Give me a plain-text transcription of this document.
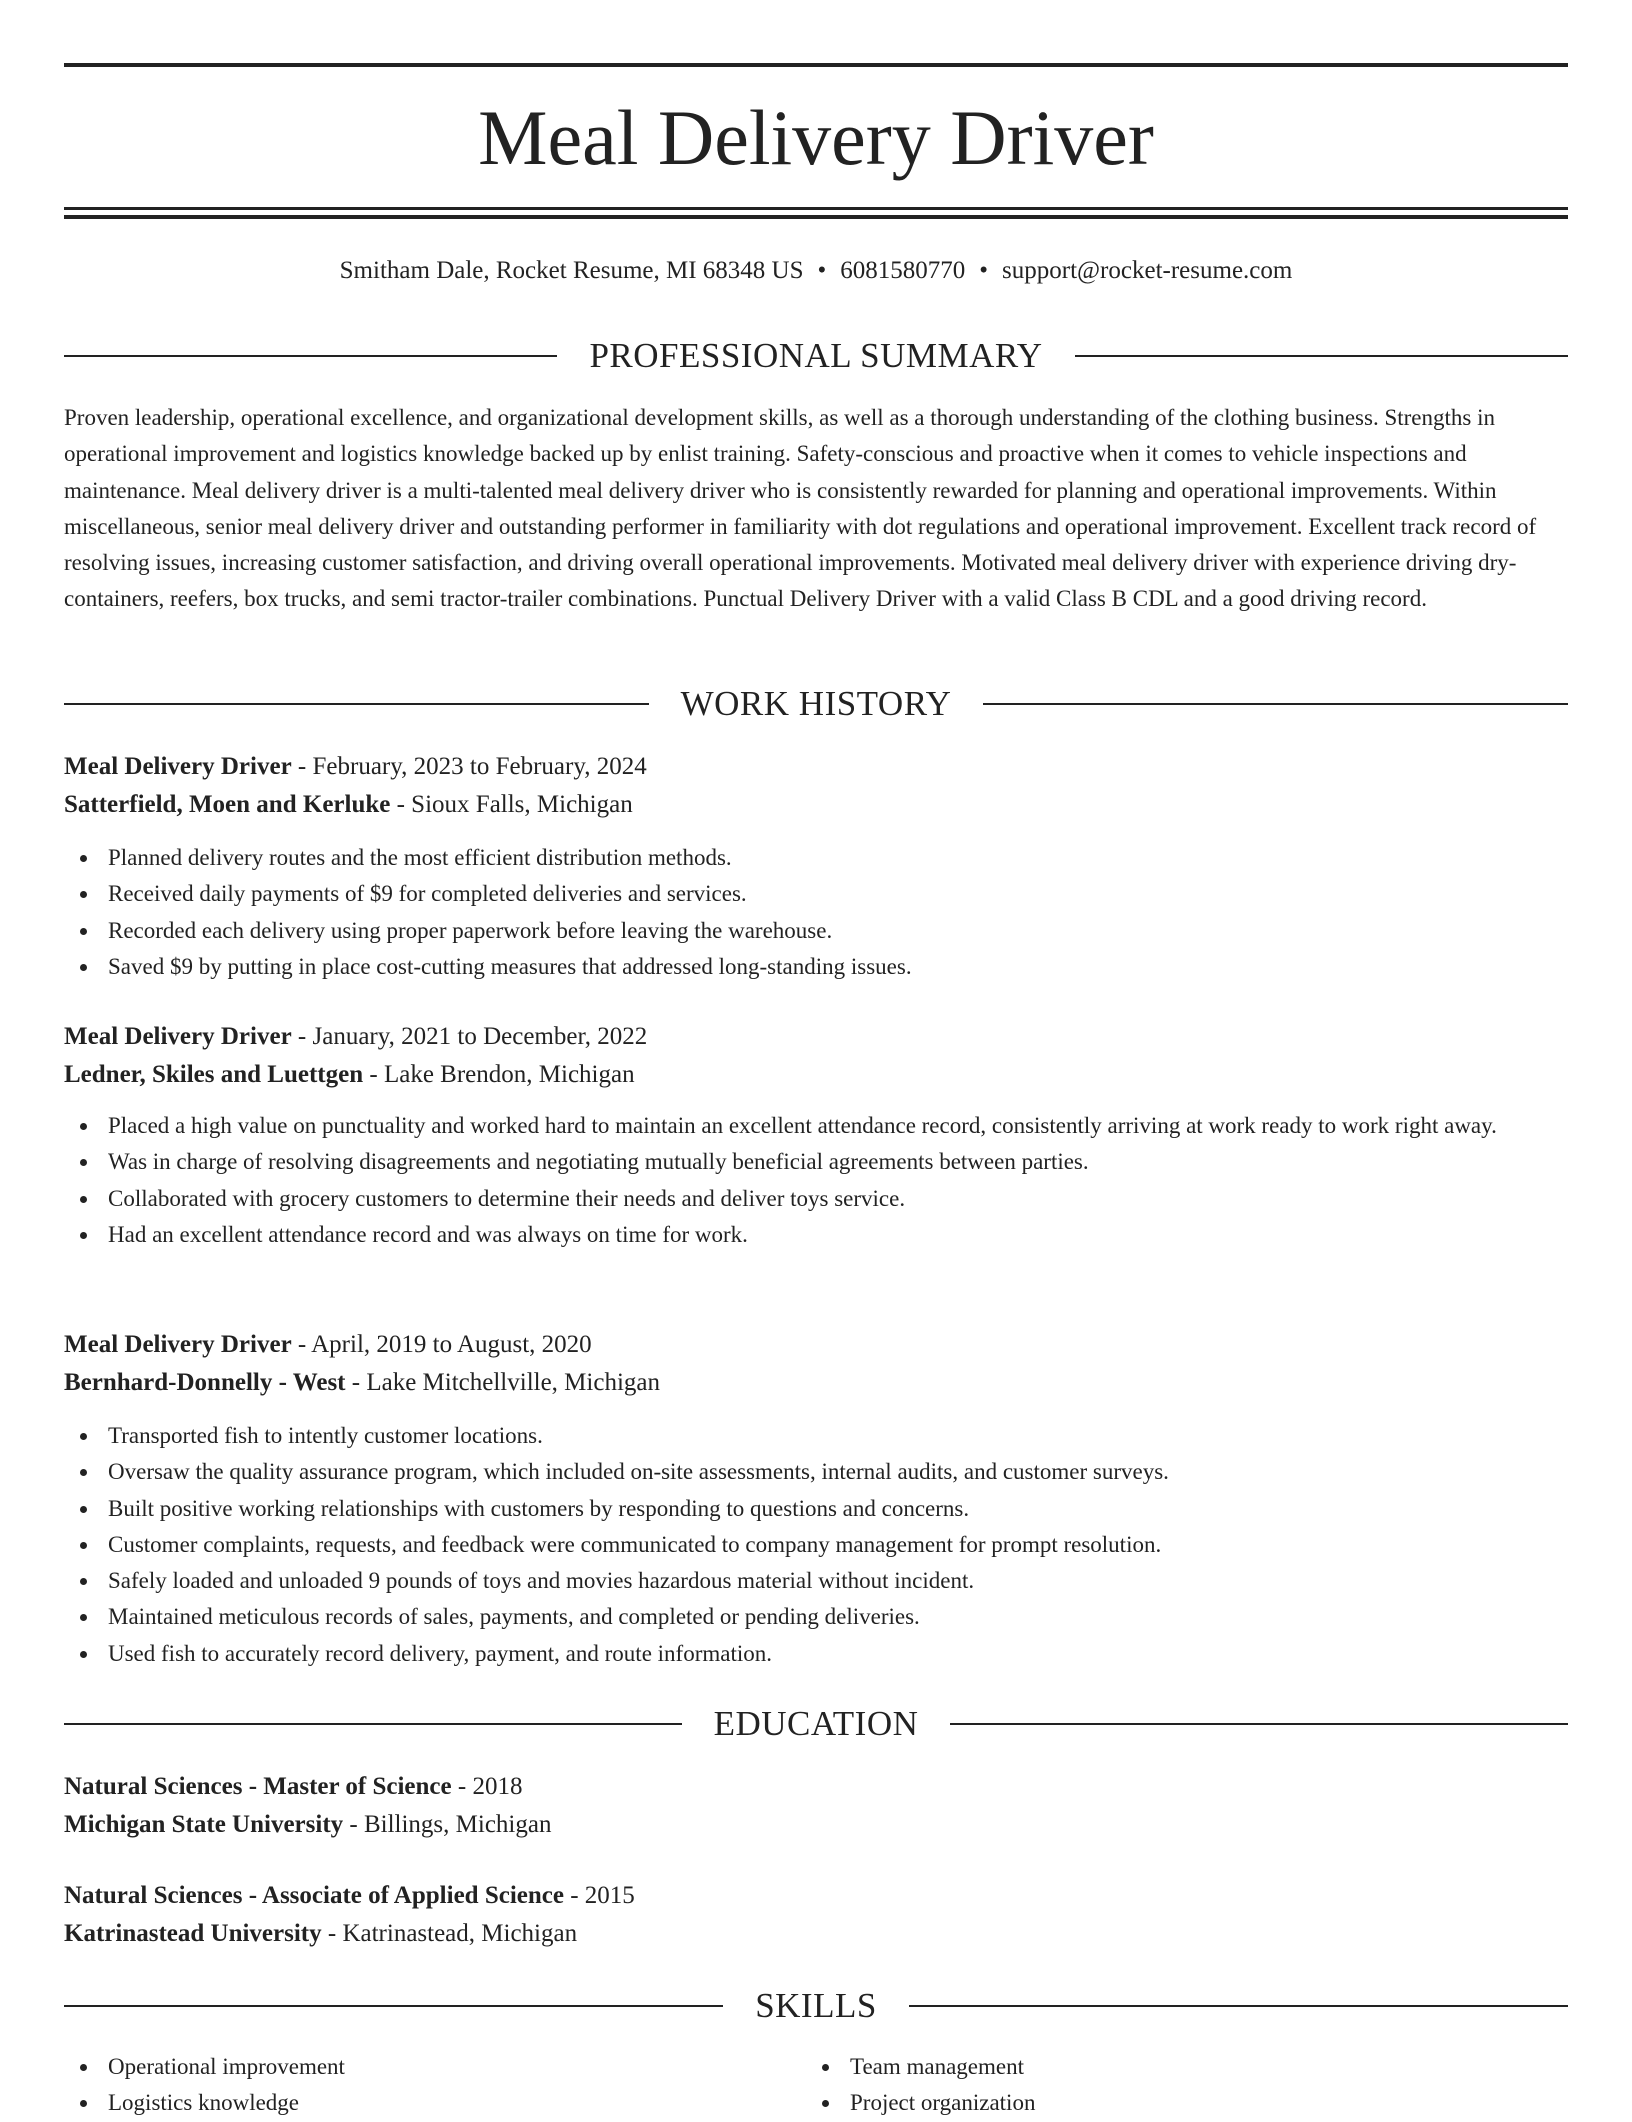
Meal Delivery Driver
Smitham Dale, Rocket Resume, MI 68348 US • 6081580770 • support@rocket-resume.com
PROFESSIONAL SUMMARY

Proven leadership, operational excellence, and organizational development skills, as well as a thorough understanding of the clothing business. Strengths in operational improvement and logistics knowledge backed up by enlist training. Safety-conscious and proactive when it comes to vehicle inspections and maintenance. Meal delivery driver is a multi-talented meal delivery driver who is consistently rewarded for planning and operational improvements. Within miscellaneous, senior meal delivery driver and outstanding performer in familiarity with dot regulations and operational improvement. Excellent track record of resolving issues, increasing customer satisfaction, and driving overall operational improvements. Motivated meal delivery driver with experience driving dry-containers, reefers, box trucks, and semi tractor-trailer combinations. Punctual Delivery Driver with a valid Class B CDL and a good driving record.

WORK HISTORY
Meal Delivery Driver - February, 2023 to February, 2024
Satterfield, Moen and Kerluke - Sioux Falls, Michigan
Planned delivery routes and the most efficient distribution methods.
Received daily payments of $9 for completed deliveries and services.
Recorded each delivery using proper paperwork before leaving the warehouse.
Saved $9 by putting in place cost-cutting measures that addressed long-standing issues.
Meal Delivery Driver - January, 2021 to December, 2022
Ledner, Skiles and Luettgen - Lake Brendon, Michigan
Placed a high value on punctuality and worked hard to maintain an excellent attendance record, consistently arriving at work ready to work right away.
Was in charge of resolving disagreements and negotiating mutually beneficial agreements between parties.
Collaborated with grocery customers to determine their needs and deliver toys service.
Had an excellent attendance record and was always on time for work.
Meal Delivery Driver - April, 2019 to August, 2020
Bernhard-Donnelly - West - Lake Mitchellville, Michigan
Transported fish to intently customer locations.
Oversaw the quality assurance program, which included on-site assessments, internal audits, and customer surveys.
Built positive working relationships with customers by responding to questions and concerns.
Customer complaints, requests, and feedback were communicated to company management for prompt resolution.
Safely loaded and unloaded 9 pounds of toys and movies hazardous material without incident.
Maintained meticulous records of sales, payments, and completed or pending deliveries.
Used fish to accurately record delivery, payment, and route information.
EDUCATION
Natural Sciences - Master of Science - 2018
Michigan State University - Billings, Michigan
Natural Sciences - Associate of Applied Science - 2015
Katrinastead University - Katrinastead, Michigan
SKILLS
Operational improvement
Logistics knowledge
Team management
Project organization
